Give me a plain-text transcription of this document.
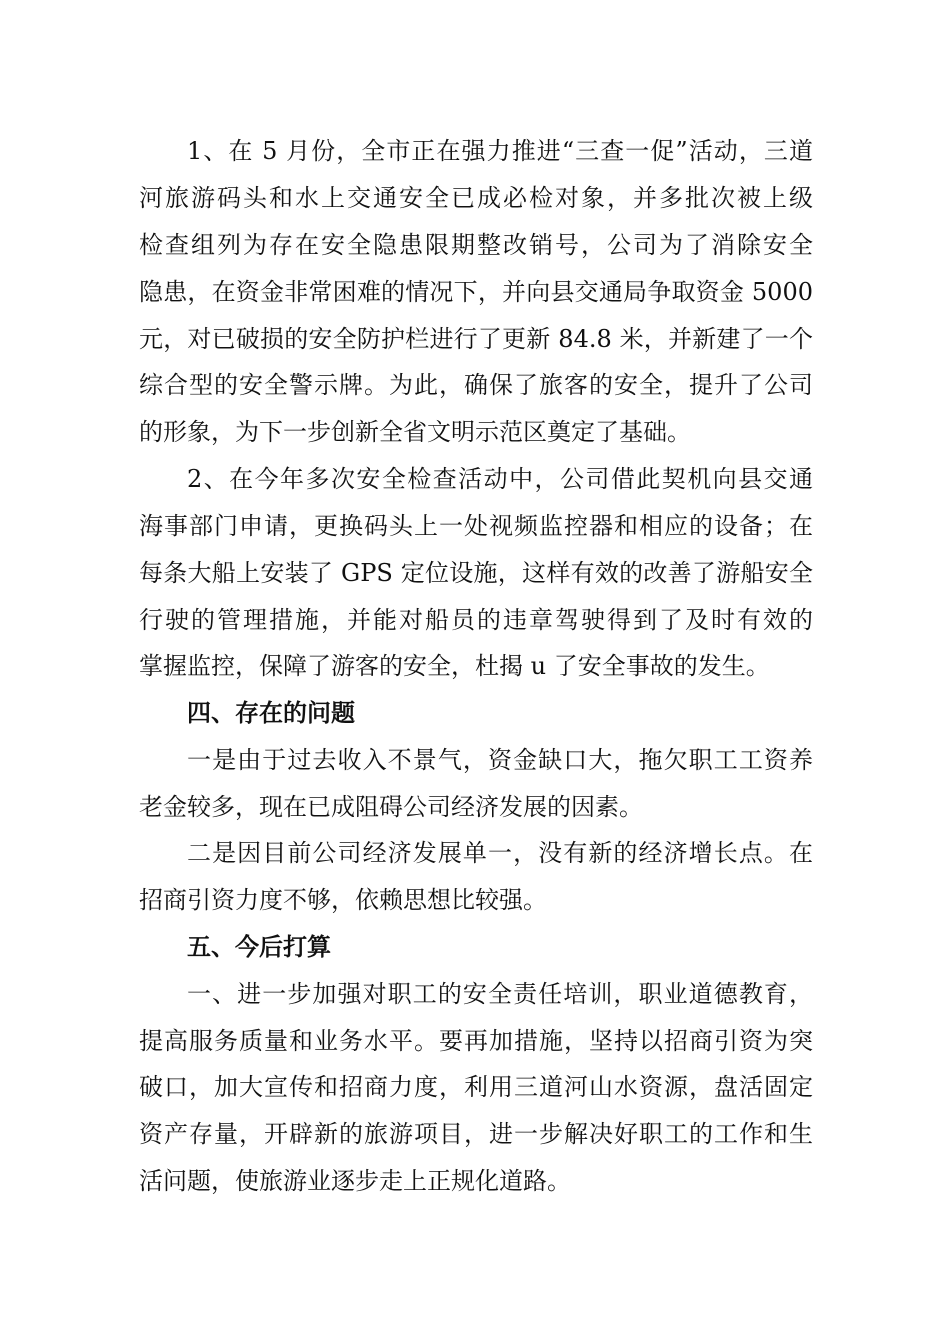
1、在 5 月份，全市正在强力推进“三查一促”活动，三道
河旅游码头和水上交通安全已成必检对象，并多批次被上级
检查组列为存在安全隐患限期整改销号，公司为了消除安全
隐患，在资金非常困难的情况下，并向县交通局争取资金 5000
元，对已破损的安全防护栏进行了更新 84.8 米，并新建了一个
综合型的安全警示牌。为此，确保了旅客的安全，提升了公司
的形象，为下一步创新全省文明示范区奠定了基础。
2、在今年多次安全检查活动中，公司借此契机向县交通
海事部门申请，更换码头上一处视频监控器和相应的设备；在
每条大船上安装了 GPS 定位设施，这样有效的改善了游船安全
行驶的管理措施，并能对船员的违章驾驶得到了及时有效的
掌握监控，保障了游客的安全，杜揭 u 了安全事故的发生。
四、存在的问题
一是由于过去收入不景气，资金缺口大，拖欠职工工资养
老金较多，现在已成阻碍公司经济发展的因素。
二是因目前公司经济发展单一，没有新的经济增长点。在
招商引资力度不够，依赖思想比较强。
五、今后打算
一、进一步加强对职工的安全责任培训，职业道德教育，
提高服务质量和业务水平。要再加措施，坚持以招商引资为突
破口，加大宣传和招商力度，利用三道河山水资源，盘活固定
资产存量，开辟新的旅游项目，进一步解决好职工的工作和生
活问题，使旅游业逐步走上正规化道路。
